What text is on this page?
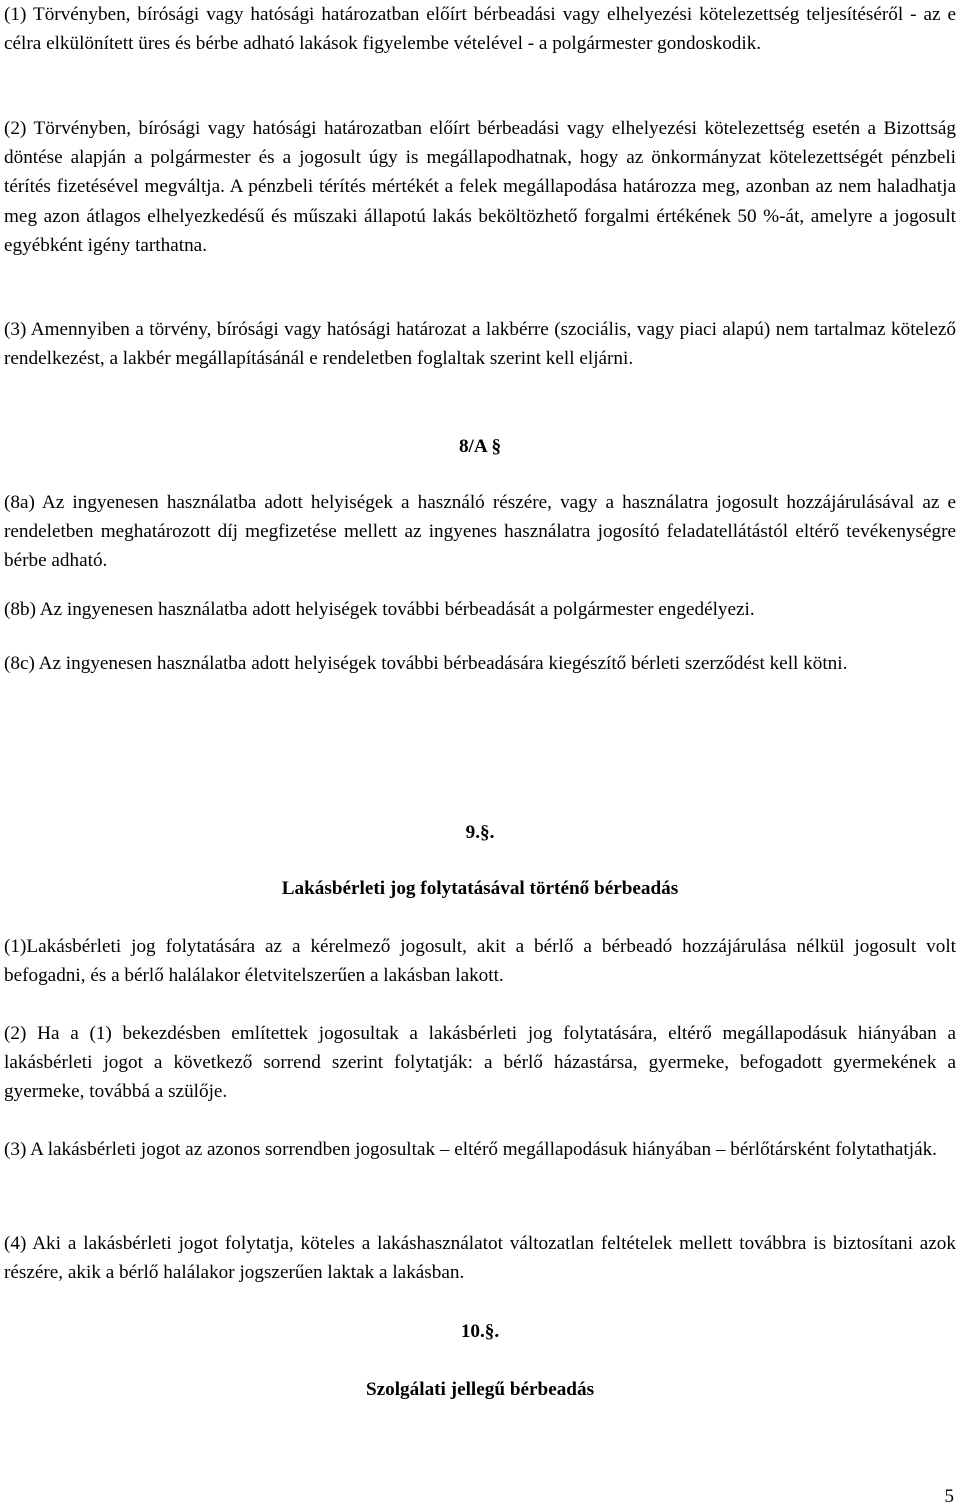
(1) Törvényben, bírósági vagy hatósági határozatban előírt bérbeadási vagy elhelyezési kötelezettség teljesítéséről - az e célra elkülönített üres és bérbe adható lakások figyelembe vételével - a polgármester gondoskodik.

(2) Törvényben, bírósági vagy hatósági határozatban előírt bérbeadási vagy elhelyezési kötelezettség esetén a Bizottság döntése alapján a polgármester és a jogosult úgy is megállapodhatnak, hogy az önkormányzat kötelezettségét pénzbeli térítés fizetésével megváltja. A pénzbeli térítés mértékét a felek megállapodása határozza meg, azonban az nem haladhatja meg azon átlagos elhelyezkedésű és műszaki állapotú lakás beköltözhető forgalmi értékének 50 %-át, amelyre a jogosult egyébként igény tarthatna.

(3) Amennyiben a törvény, bírósági vagy hatósági határozat a lakbérre (szociális, vagy piaci alapú) nem tartalmaz kötelező rendelkezést, a lakbér megállapításánál e rendeletben foglaltak szerint kell eljárni.

8/A §

(8a) Az ingyenesen használatba adott helyiségek a használó részére, vagy a használatra jogosult hozzájárulásával az e rendeletben meghatározott díj megfizetése mellett az ingyenes használatra jogosító feladatellátástól eltérő tevékenységre bérbe adható.

(8b) Az ingyenesen használatba adott helyiségek további bérbeadását a polgármester engedélyezi.

(8c) Az ingyenesen használatba adott helyiségek további bérbeadására kiegészítő bérleti szerződést kell kötni.

9.§.

Lakásbérleti jog folytatásával történő bérbeadás

(1)Lakásbérleti jog folytatására az a kérelmező jogosult, akit a bérlő a bérbeadó hozzájárulása nélkül jogosult volt befogadni, és a bérlő halálakor életvitelszerűen a lakásban lakott.

(2) Ha a (1) bekezdésben említettek jogosultak a lakásbérleti jog folytatására, eltérő megállapodásuk hiányában a lakásbérleti jogot a következő sorrend szerint folytatják: a bérlő házastársa, gyermeke, befogadott gyermekének a gyermeke, továbbá a szülője.

(3) A lakásbérleti jogot az azonos sorrendben jogosultak – eltérő megállapodásuk hiányában – bérlőtársként folytathatják.

(4) Aki a lakásbérleti jogot folytatja, köteles a lakáshasználatot változatlan feltételek mellett továbbra is biztosítani azok részére, akik a bérlő halálakor jogszerűen laktak a lakásban.

10.§.

Szolgálati jellegű bérbeadás

5
